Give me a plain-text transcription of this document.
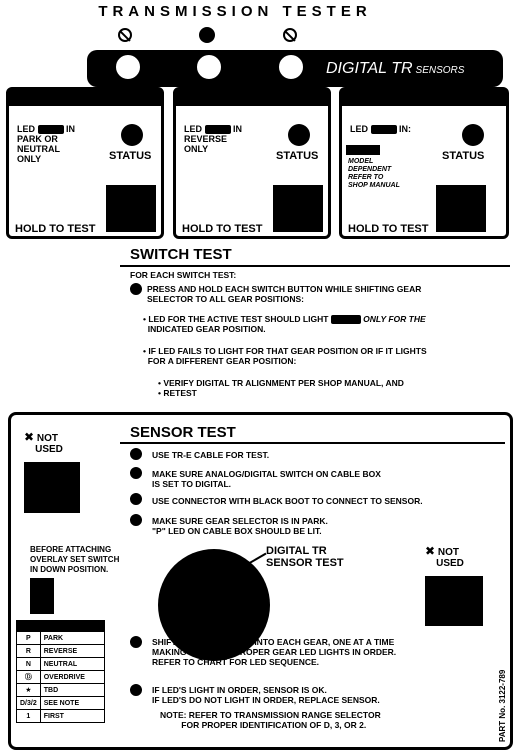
TRANSMISSION TESTER
DIGITAL TR SENSORS
LED	IN
PARK OR
NEUTRAL
ONLY	STATUS
HOLD TO TEST
LED	IN
REVERSE
ONLY
STATUS
HOLD TO TEST
LED	IN:
MODEL
DEPENDENT
REFER TO
SHOP MANUAL
STATUS
HOLD TO TEST
SWITCH TEST
FOR EACH SWITCH TEST:
PRESS AND HOLD EACH SWITCH BUTTON WHILE SHIFTING GEAR
SELECTOR TO ALL GEAR POSITIONS:
• LED FOR THE ACTIVE TEST SHOULD LIGHT	ONLY FOR THE
INDICATED GEAR POSITION.
• IF LED FAILS TO LIGHT FOR THAT GEAR POSITION OR IF IT LIGHTS
FOR A DIFFERENT GEAR POSITION:
• VERIFY DIGITAL TR ALIGNMENT PER SHOP MANUAL, AND
• RETEST
✖ NOT
USED
SENSOR TEST
USE TR-E CABLE FOR TEST.
MAKE SURE ANALOG/DIGITAL SWITCH ON CABLE BOX
IS SET TO DIGITAL.
USE CONNECTOR WITH BLACK BOOT TO CONNECT TO SENSOR.
MAKE SURE GEAR SELECTOR IS IN PARK.
"P" LED ON CABLE BOX SHOULD BE LIT.
BEFORE ATTACHING
OVERLAY SET SWITCH
IN DOWN POSITION.
DIGITAL TR
SENSOR TEST
✖ NOT
USED

P	PARK
R	REVERSE
N	NEUTRAL
Ⓓ	OVERDRIVE
★	TBD
D/3/2	SEE NOTE
1	FIRST
SHIFT GEAR SELECTOR INTO EACH GEAR, ONE AT A TIME
MAKING SURE THE PROPER GEAR LED LIGHTS IN ORDER.
REFER TO CHART FOR LED SEQUENCE.
IF LED'S LIGHT IN ORDER, SENSOR IS OK.
IF LED'S DO NOT LIGHT IN ORDER, REPLACE SENSOR.
NOTE: REFER TO TRANSMISSION RANGE SELECTOR
FOR PROPER IDENTIFICATION OF D, 3, OR 2.	PART No. 3122-789
